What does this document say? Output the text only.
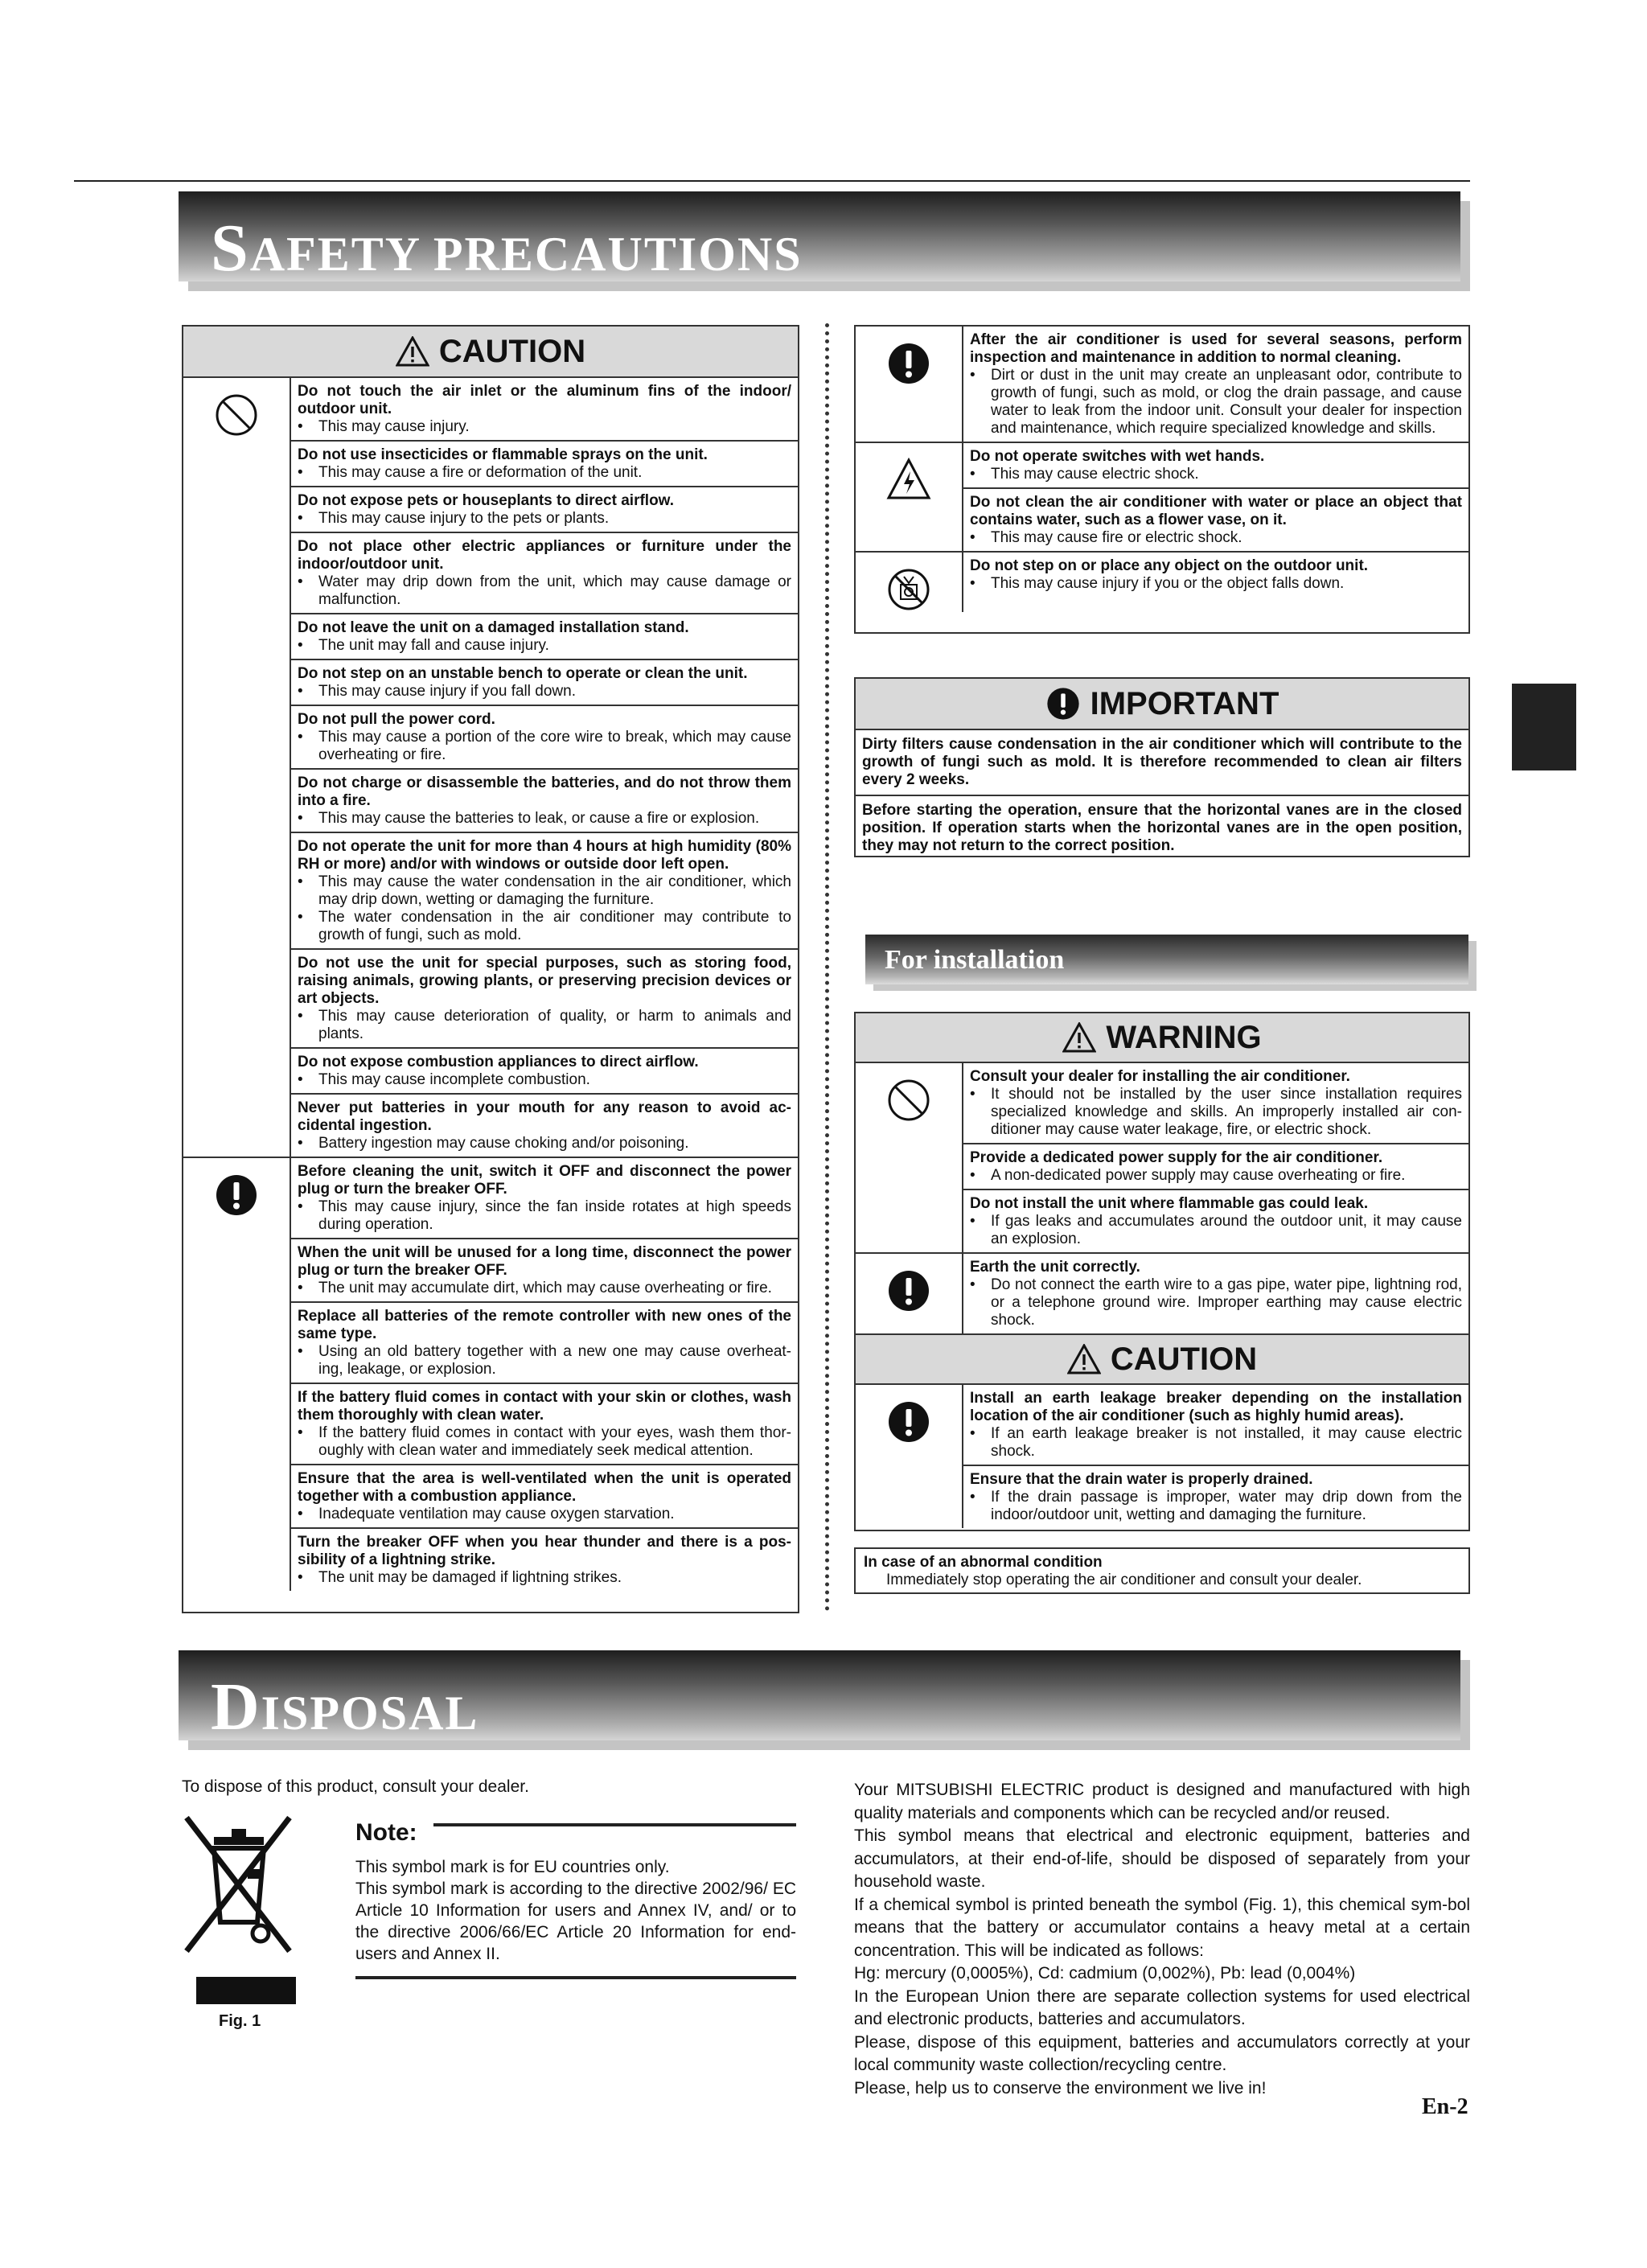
SAFETY PRECAUTIONS
CAUTION
Do not touch the air inlet or the aluminum fins of the indoor/ outdoor unit.
• This may cause injury.
Do not use insecticides or flammable sprays on the unit.
• This may cause a fire or deformation of the unit.
Do not expose pets or houseplants to direct airflow.
• This may cause injury to the pets or plants.
Do not place other electric appliances or furniture under the indoor/outdoor unit.
• Water may drip down from the unit, which may cause damage or malfunction.
Do not leave the unit on a damaged installation stand.
• The unit may fall and cause injury.
Do not step on an unstable bench to operate or clean the unit.
• This may cause injury if you fall down.
Do not pull the power cord.
• This may cause a portion of the core wire to break, which may cause overheating or fire.
Do not charge or disassemble the batteries, and do not throw them into a fire.
• This may cause the batteries to leak, or cause a fire or explosion.
Do not operate the unit for more than 4 hours at high humidity (80% RH or more) and/or with windows or outside door left open.
• This may cause the water condensation in the air conditioner, which may drip down, wetting or damaging the furniture.
• The water condensation in the air conditioner may contribute to growth of fungi, such as mold.
Do not use the unit for special purposes, such as storing food, raising animals, growing plants, or preserving precision devices or art objects.
• This may cause deterioration of quality, or harm to animals and plants.
Do not expose combustion appliances to direct airflow.
• This may cause incomplete combustion.
Never put batteries in your mouth for any reason to avoid ac-cidental ingestion.
• Battery ingestion may cause choking and/or poisoning.
Before cleaning the unit, switch it OFF and disconnect the power plug or turn the breaker OFF.
• This may cause injury, since the fan inside rotates at high speeds during operation.
When the unit will be unused for a long time, disconnect the power plug or turn the breaker OFF.
• The unit may accumulate dirt, which may cause overheating or fire.
Replace all batteries of the remote controller with new ones of the same type.
• Using an old battery together with a new one may cause overheat-ing, leakage, or explosion.
If the battery fluid comes in contact with your skin or clothes, wash them thoroughly with clean water.
• If the battery fluid comes in contact with your eyes, wash them thor-oughly with clean water and immediately seek medical attention.
Ensure that the area is well-ventilated when the unit is operated together with a combustion appliance.
• Inadequate ventilation may cause oxygen starvation.
Turn the breaker OFF when you hear thunder and there is a pos-sibility of a lightning strike.
• The unit may be damaged if lightning strikes.
After the air conditioner is used for several seasons, perform inspection and maintenance in addition to normal cleaning.
• Dirt or dust in the unit may create an unpleasant odor, contribute to growth of fungi, such as mold, or clog the drain passage, and cause water to leak from the indoor unit. Consult your dealer for inspection and maintenance, which require specialized knowledge and skills.
Do not operate switches with wet hands.
• This may cause electric shock.
Do not clean the air conditioner with water or place an object that contains water, such as a flower vase, on it.
• This may cause fire or electric shock.
Do not step on or place any object on the outdoor unit.
• This may cause injury if you or the object falls down.
IMPORTANT
Dirty filters cause condensation in the air conditioner which will contribute to the growth of fungi such as mold. It is therefore recommended to clean air filters every 2 weeks.
Before starting the operation, ensure that the horizontal vanes are in the closed position. If operation starts when the horizontal vanes are in the open position, they may not return to the correct position.
For installation
WARNING
Consult your dealer for installing the air conditioner.
• It should not be installed by the user since installation requires specialized knowledge and skills. An improperly installed air con-ditioner may cause water leakage, fire, or electric shock.
Provide a dedicated power supply for the air conditioner.
• A non-dedicated power supply may cause overheating or fire.
Do not install the unit where flammable gas could leak.
• If gas leaks and accumulates around the outdoor unit, it may cause an explosion.
Earth the unit correctly.
• Do not connect the earth wire to a gas pipe, water pipe, lightning rod, or a telephone ground wire. Improper earthing may cause electric shock.
CAUTION
Install an earth leakage breaker depending on the installation location of the air conditioner (such as highly humid areas).
• If an earth leakage breaker is not installed, it may cause electric shock.
Ensure that the drain water is properly drained.
• If the drain passage is improper, water may drip down from the indoor/outdoor unit, wetting and damaging the furniture.
In case of an abnormal condition
Immediately stop operating the air conditioner and consult your dealer.
DISPOSAL
To dispose of this product, consult your dealer.
Fig. 1
Note:
This symbol mark is for EU countries only.
This symbol mark is according to the directive 2002/96/ EC Article 10 Information for users and Annex IV, and/ or to the directive 2006/66/EC Article 20 Information for end-users and Annex II.
Your MITSUBISHI ELECTRIC product is designed and manufactured with high quality materials and components which can be recycled and/or reused.
This symbol means that electrical and electronic equipment, batteries and accumulators, at their end-of-life, should be disposed of separately from your household waste.
If a chemical symbol is printed beneath the symbol (Fig. 1), this chemical sym-bol means that the battery or accumulator contains a heavy metal at a certain concentration. This will be indicated as follows:
Hg: mercury (0,0005%), Cd: cadmium (0,002%), Pb: lead (0,004%)
In the European Union there are separate collection systems for used electrical and electronic products, batteries and accumulators.
Please, dispose of this equipment, batteries and accumulators correctly at your local community waste collection/recycling centre.
Please, help us to conserve the environment we live in!
En-2
